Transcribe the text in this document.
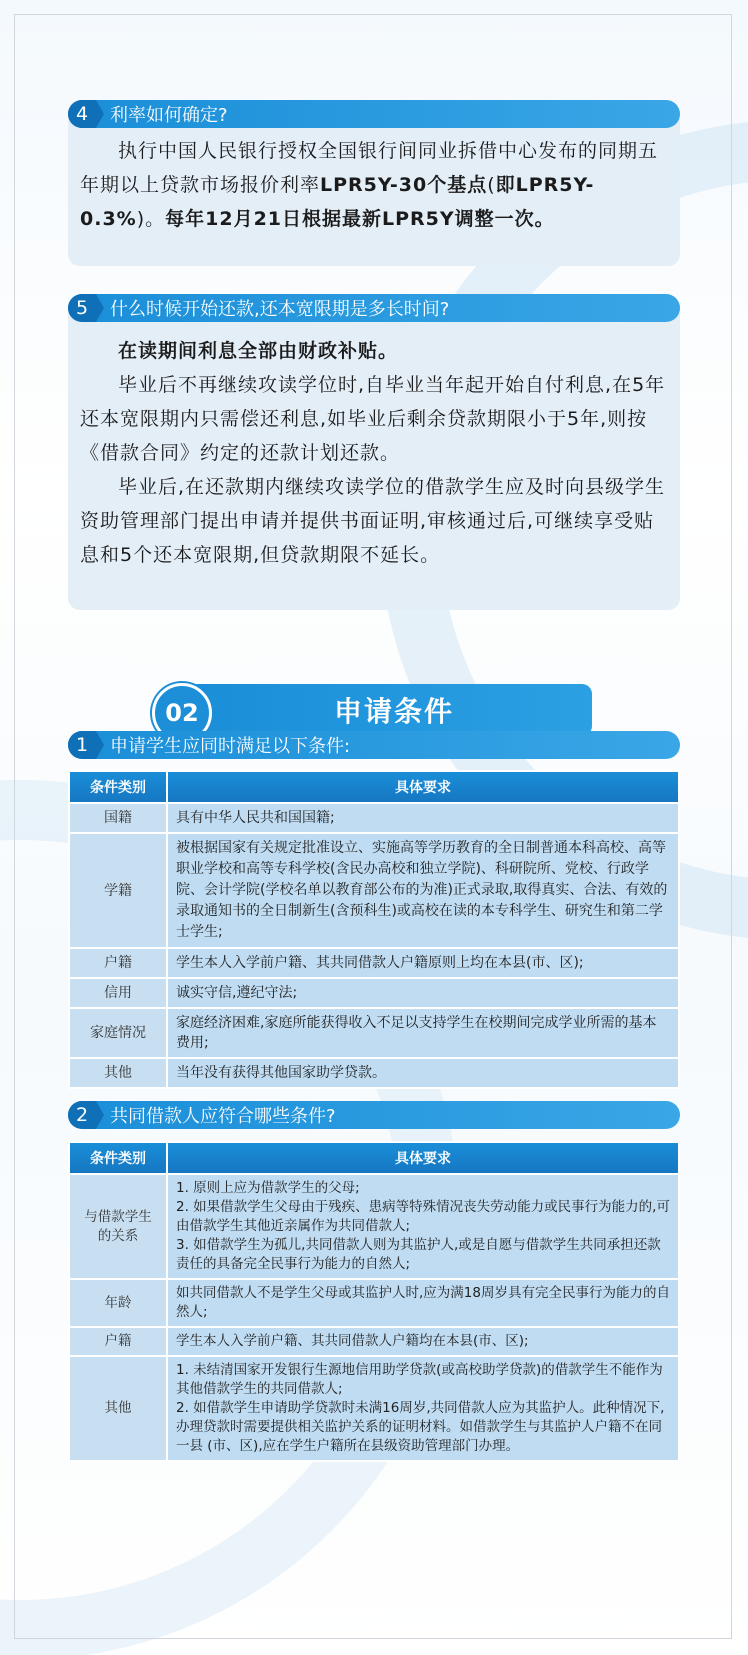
4	利率如何确定?

执行中国人民银行授权全国银行间同业拆借中心发布的同期五年期以上贷款市场报价利率LPR5Y-30个基点(即LPR5Y-0.3%)。每年12月21日根据最新LPR5Y调整一次。

5	什么时候开始还款,还本宽限期是多长时间?

在读期间利息全部由财政补贴。

毕业后不再继续攻读学位时,自毕业当年起开始自付利息,在5年还本宽限期内只需偿还利息,如毕业后剩余贷款期限小于5年,则按《借款合同》约定的还款计划还款。

毕业后,在还款期内继续攻读学位的借款学生应及时向县级学生资助管理部门提出申请并提供书面证明,审核通过后,可继续享受贴息和5个还本宽限期,但贷款期限不延长。

申请条件
02
1	申请学生应同时满足以下条件:
条件类别	具体要求
国籍	具有中华人民共和国国籍;
学籍	被根据国家有关规定批准设立、实施高等学历教育的全日制普通本科高校、高等职业学校和高等专科学校(含民办高校和独立学院)、科研院所、党校、行政学院、会计学院(学校名单以教育部公布的为准)正式录取,取得真实、合法、有效的录取通知书的全日制新生(含预科生)或高校在读的本专科学生、研究生和第二学士学生;
户籍	学生本人入学前户籍、其共同借款人户籍原则上均在本县(市、区);
信用	诚实守信,遵纪守法;
家庭情况	家庭经济困难,家庭所能获得收入不足以支持学生在校期间完成学业所需的基本费用;
其他	当年没有获得其他国家助学贷款。
2	共同借款人应符合哪些条件?
条件类别	具体要求
与借款学生的关系	1. 原则上应为借款学生的父母;
2. 如果借款学生父母由于残疾、患病等特殊情况丧失劳动能力或民事行为能力的,可由借款学生其他近亲属作为共同借款人;
3. 如借款学生为孤儿,共同借款人则为其监护人,或是自愿与借款学生共同承担还款责任的具备完全民事行为能力的自然人;

年龄	如共同借款人不是学生父母或其监护人时,应为满18周岁具有完全民事行为能力的自然人;

户籍	学生本人入学前户籍、其共同借款人户籍均在本县(市、区);

其他	1. 未结清国家开发银行生源地信用助学贷款(或高校助学贷款)的借款学生不能作为其他借款学生的共同借款人;
2. 如借款学生申请助学贷款时未满16周岁,共同借款人应为其监护人。此种情况下,办理贷款时需要提供相关监护关系的证明材料。如借款学生与其监护人户籍不在同一县 (市、区),应在学生户籍所在县级资助管理部门办理。
